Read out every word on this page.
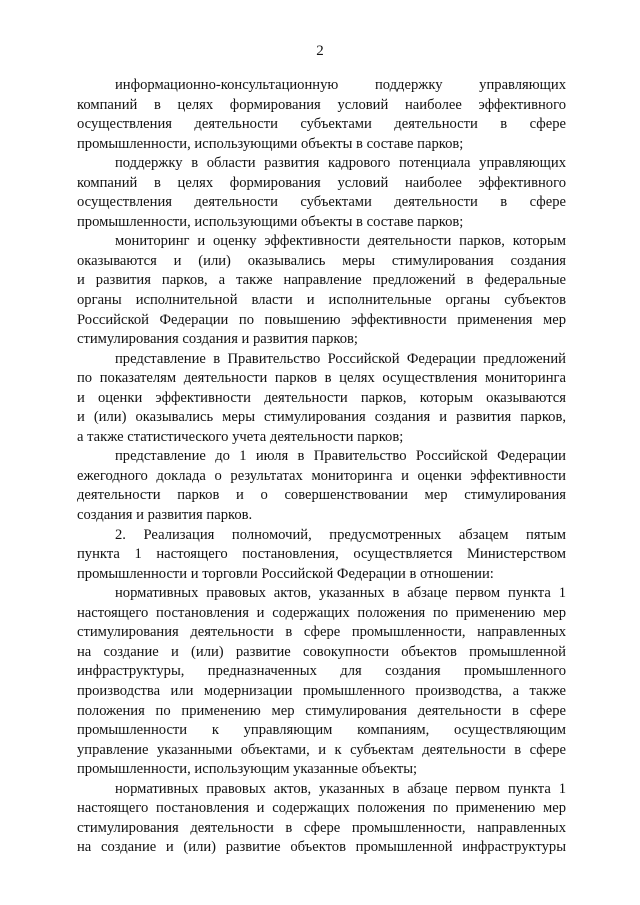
2

информационно-консультационную поддержку управляющих
компаний в целях формирования условий наиболее эффективного
осуществления деятельности субъектами деятельности в сфере
промышленности, использующими объекты в составе парков;

поддержку в области развития кадрового потенциала управляющих
компаний в целях формирования условий наиболее эффективного
осуществления деятельности субъектами деятельности в сфере
промышленности, использующими объекты в составе парков;

мониторинг и оценку эффективности деятельности парков, которым
оказываются и (или) оказывались меры стимулирования создания
и развития парков, а также направление предложений в федеральные
органы исполнительной власти и исполнительные органы субъектов
Российской Федерации по повышению эффективности применения мер
стимулирования создания и развития парков;

представление в Правительство Российской Федерации предложений
по показателям деятельности парков в целях осуществления мониторинга
и оценки эффективности деятельности парков, которым оказываются
и (или) оказывались меры стимулирования создания и развития парков,
а также статистического учета деятельности парков;

представление до 1 июля в Правительство Российской Федерации
ежегодного доклада о результатах мониторинга и оценки эффективности
деятельности парков и о совершенствовании мер стимулирования
создания и развития парков.

2. Реализация полномочий, предусмотренных абзацем пятым
пункта 1 настоящего постановления, осуществляется Министерством
промышленности и торговли Российской Федерации в отношении:

нормативных правовых актов, указанных в абзаце первом пункта 1
настоящего постановления и содержащих положения по применению мер
стимулирования деятельности в сфере промышленности, направленных
на создание и (или) развитие совокупности объектов промышленной
инфраструктуры, предназначенных для создания промышленного
производства или модернизации промышленного производства, а также
положения по применению мер стимулирования деятельности в сфере
промышленности к управляющим компаниям, осуществляющим
управление указанными объектами, и к субъектам деятельности в сфере
промышленности, использующим указанные объекты;

нормативных правовых актов, указанных в абзаце первом пункта 1
настоящего постановления и содержащих положения по применению мер
стимулирования деятельности в сфере промышленности, направленных
на создание и (или) развитие объектов промышленной инфраструктуры
